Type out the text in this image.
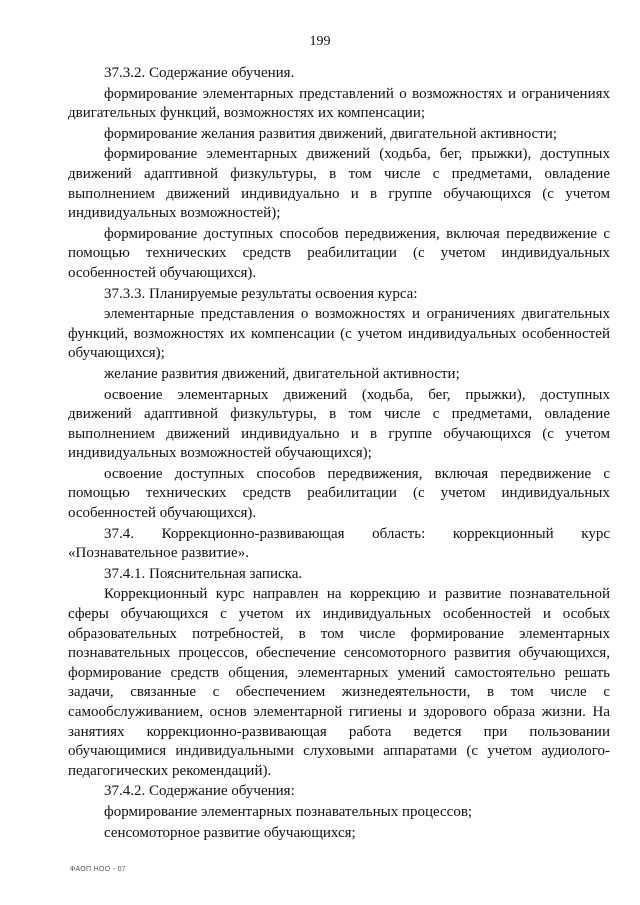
199

37.3.2. Содержание обучения.

формирование элементарных представлений о возможностях и ограничениях двигательных функций, возможностях их компенсации;

формирование желания развития движений, двигательной активности;

формирование элементарных движений (ходьба, бег, прыжки), доступных движений адаптивной физкультуры, в том числе с предметами, овладение выполнением движений индивидуально и в группе обучающихся (с учетом индивидуальных возможностей);

формирование доступных способов передвижения, включая передвижение с помощью технических средств реабилитации (с учетом индивидуальных особенностей обучающихся).

37.3.3. Планируемые результаты освоения курса:

элементарные представления о возможностях и ограничениях двигательных функций, возможностях их компенсации (с учетом индивидуальных особенностей обучающихся);

желание развития движений, двигательной активности;

освоение элементарных движений (ходьба, бег, прыжки), доступных движений адаптивной физкультуры, в том числе с предметами, овладение выполнением движений индивидуально и в группе обучающихся (с учетом индивидуальных возможностей обучающихся);

освоение доступных способов передвижения, включая передвижение с помощью технических средств реабилитации (с учетом индивидуальных особенностей обучающихся).

37.4. Коррекционно-развивающая область: коррекционный курс «Познавательное развитие».

37.4.1. Пояснительная записка.

Коррекционный курс направлен на коррекцию и развитие познавательной сферы обучающихся с учетом их индивидуальных особенностей и особых образовательных потребностей, в том числе формирование элементарных познавательных процессов, обеспечение сенсомоторного развития обучающихся, формирование средств общения, элементарных умений самостоятельно решать задачи, связанные с обеспечением жизнедеятельности, в том числе с самообслуживанием, основ элементарной гигиены и здорового образа жизни. На занятиях коррекционно-развивающая работа ведется при пользовании обучающимися индивидуальными слуховыми аппаратами (с учетом аудиолого-педагогических рекомендаций).

37.4.2. Содержание обучения:

формирование элементарных познавательных процессов;

сенсомоторное развитие обучающихся;

ФАОП НОО - 07
